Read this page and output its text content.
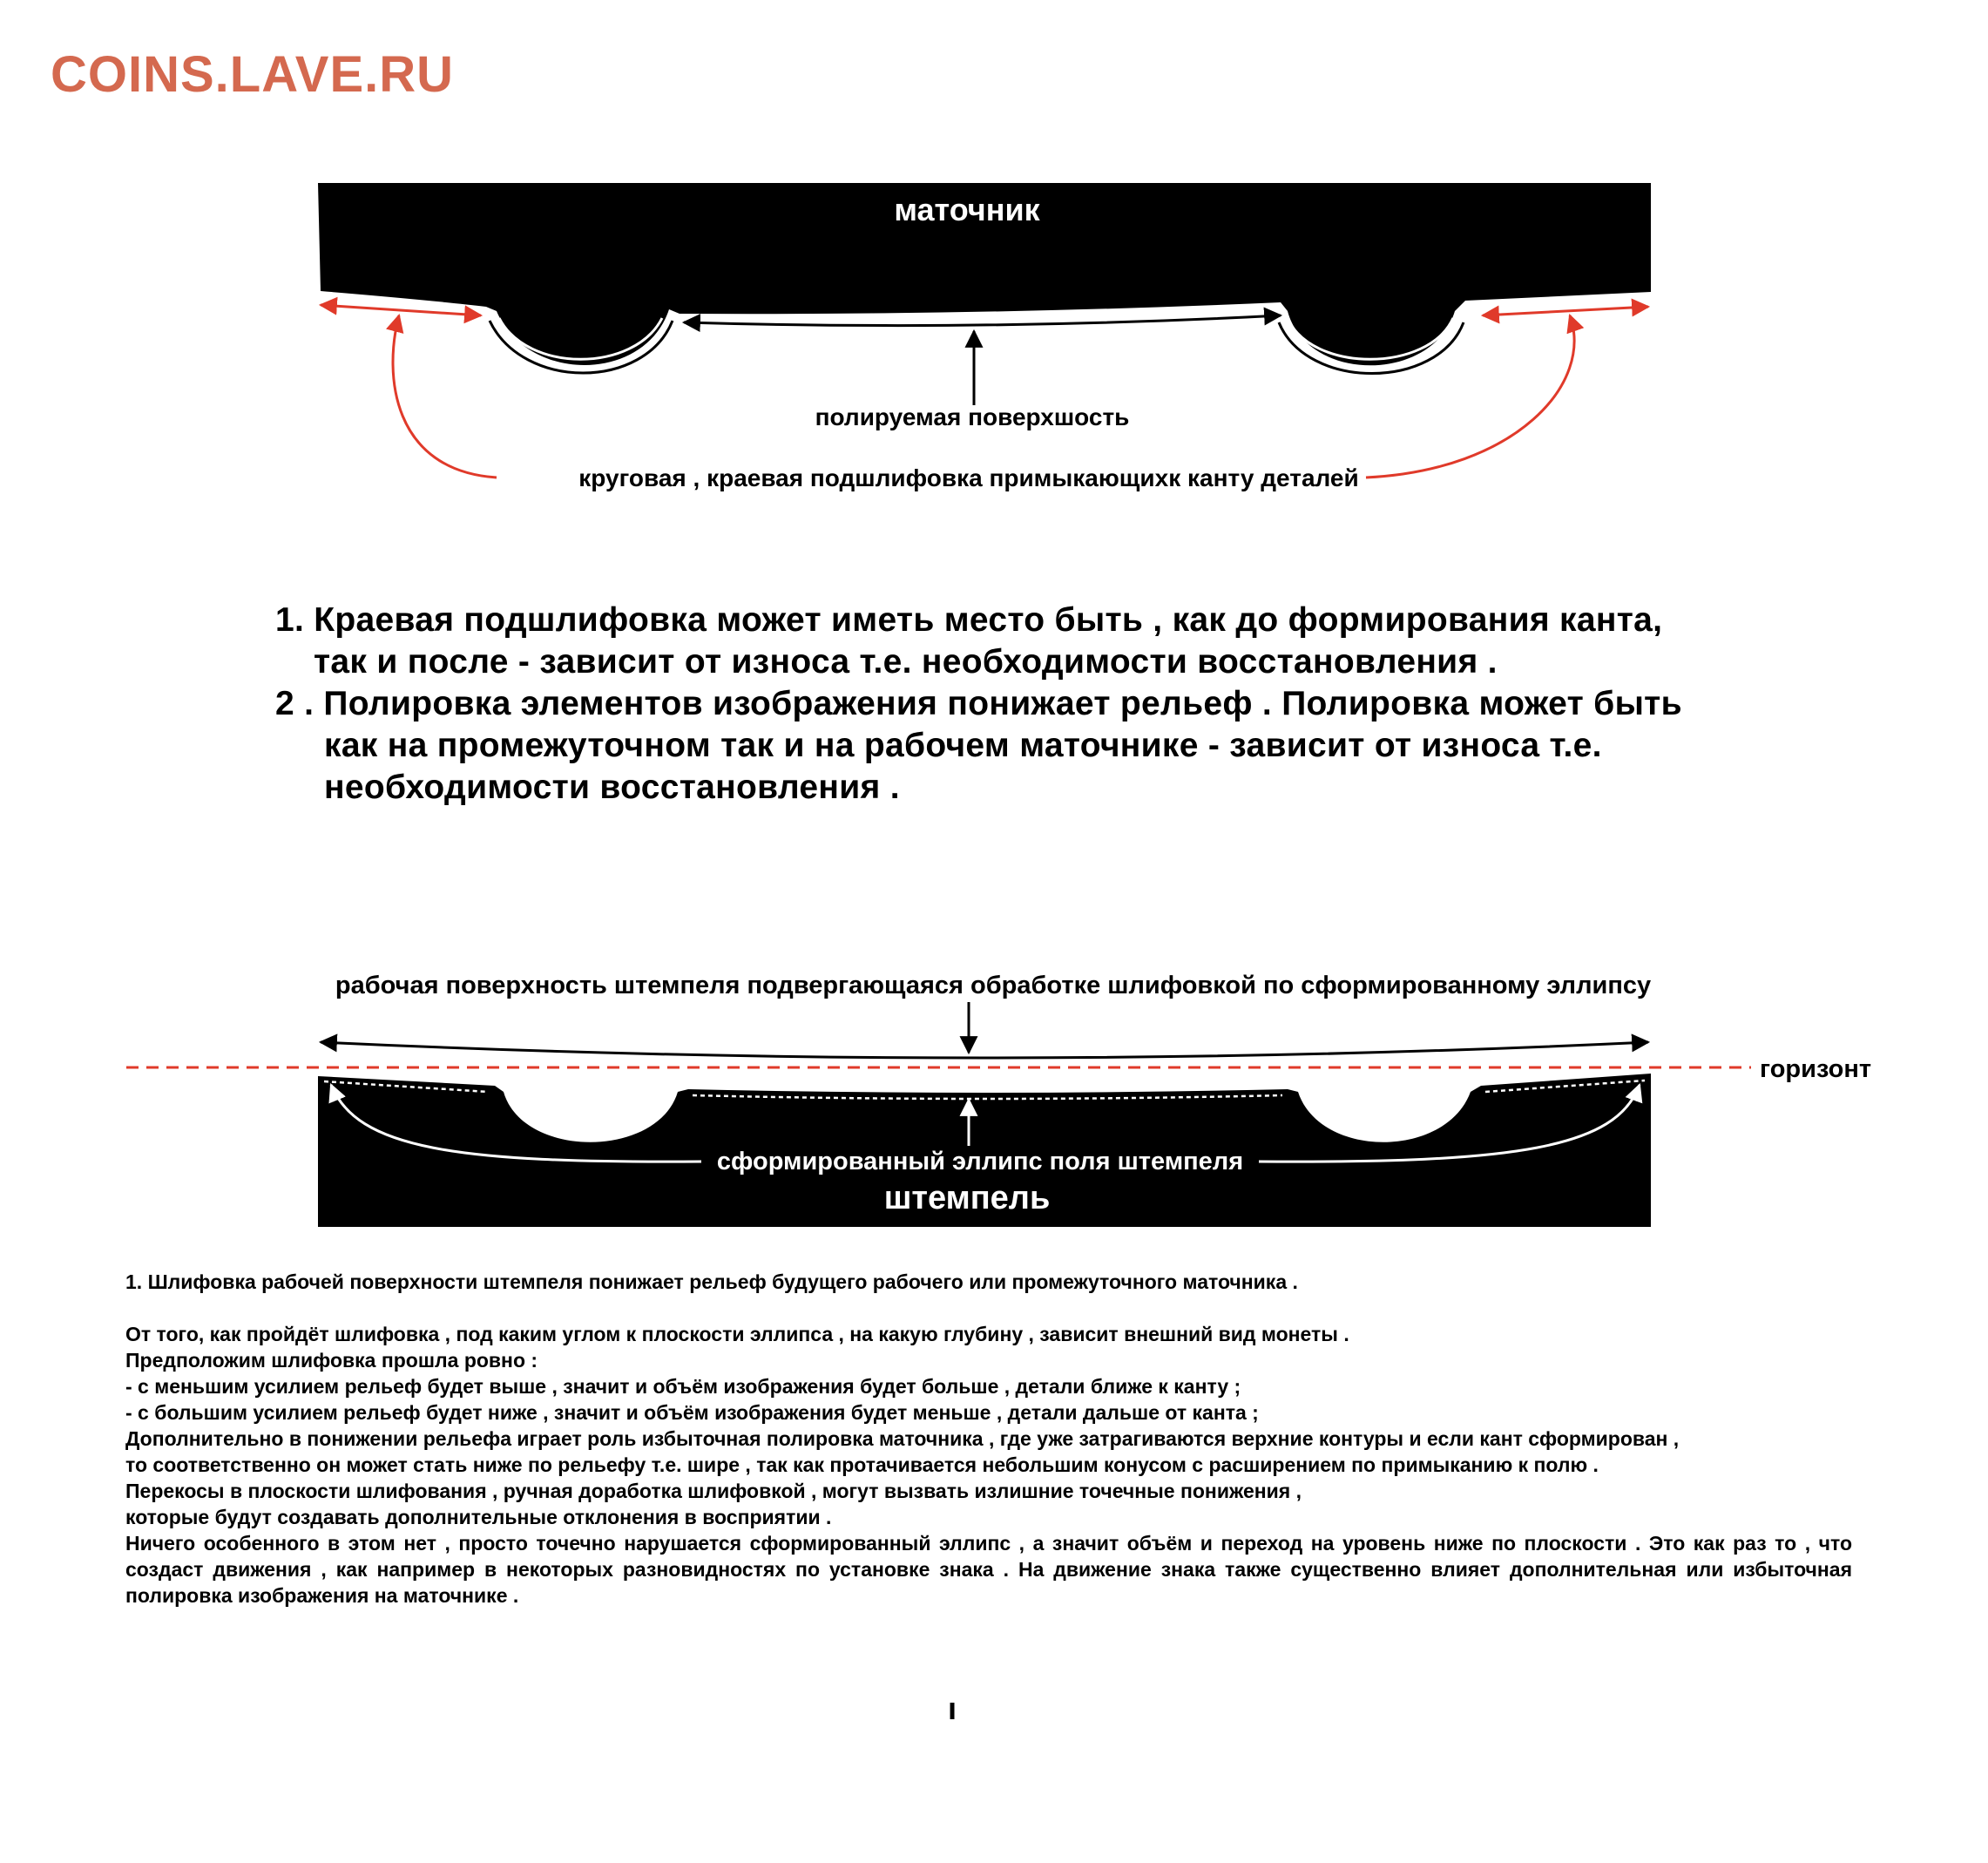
COINS.LAVE.RU
маточник
полируемая поверхшость
круговая , краевая подшлифовка примыкающихк канту деталей
рабочая поверхность штемпеля подвергающаяся обработке шлифовкой по сформированному эллипсу
горизонт
сформированный эллипс поля штемпеля
штемпель
1. Краевая подшлифовка может иметь место быть , как до формирования канта,
так и после - зависит от износа т.е. необходимости восстановления .
2 . Полировка элементов изображения понижает рельеф . Полировка может быть
как на промежуточном так и на рабочем маточнике - зависит от износа т.е.
необходимости восстановления .
1. Шлифовка рабочей поверхности штемпеля понижает рельеф будущего рабочего или промежуточного маточника .
От того, как пройдёт шлифовка , под каким углом к плоскости эллипса , на какую глубину , зависит внешний вид монеты .
Предположим шлифовка прошла ровно :
- с меньшим усилием рельеф будет выше , значит и объём изображения будет больше , детали ближе к канту ;
- с большим усилием рельеф будет ниже , значит и объём изображения будет меньше , детали дальше от канта ;
Дополнительно в понижении рельефа играет роль избыточная полировка маточника , где уже затрагиваются верхние контуры и если кант сформирован ,
то соответственно он может стать ниже по рельефу т.е. шире , так как протачивается небольшим конусом с расширением по примыканию к полю .
Перекосы в плоскости шлифования , ручная доработка шлифовкой , могут вызвать излишние точечные понижения ,
которые будут создавать дополнительные отклонения в восприятии .
Ничего особенного в этом нет , просто точечно нарушается сформированный эллипс , а значит объём и переход на уровень ниже по плоскости . Это как раз то , что создаст движения , как например в некоторых разновидностях по установке знака . На движение знака также существенно влияет дополнительная или избыточная полировка изображения на маточнике .
ı
